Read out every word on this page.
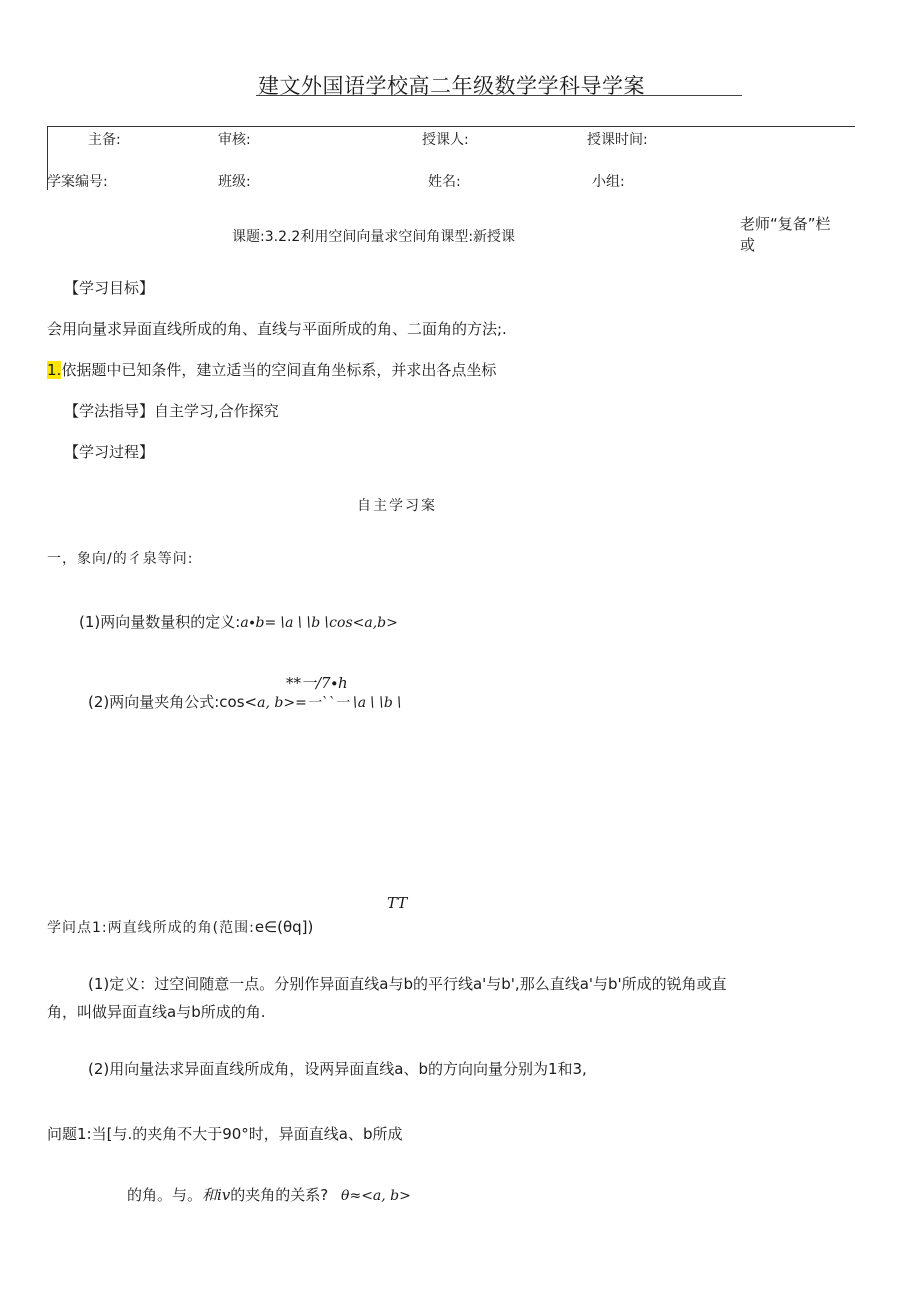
建文外国语学校高二年级数学学科导学案
主备:	审核:	授课人:	授课时间:
学案编号:	班级:	姓名:	小组:
课题:3.2.2利用空间向量求空间角课型:新授课
老师“复备”栏
或
【学习目标】
会用向量求异面直线所成的角、直线与平面所成的角、二面角的方法;.
1.依据题中已知条件，建立适当的空间直角坐标系，并求出各点坐标
【学法指导】自主学习,合作探究
【学习过程】
自主学习案
一，象向/的彳泉等问:
(1)两向量数量积的定义:a∙b=∖a∖∖b∖cos<a,b>
**一/7∙h
(2)两向量夹角公式:cos<a, b>=一``一∖a∖∖b∖
TT
学问点1:两直线所成的角(范围:e∈(θq])
(1)定义：过空间随意一点。分别作异面直线a与b的平行线a'与b',那么直线a'与b'所成的锐角或直
角，叫做异面直线a与b所成的角.
(2)用向量法求异面直线所成角，设两异面直线a、b的方向向量分别为1和3,
问题1:当[与.的夹角不大于90°时，异面直线a、b所成
的角。与。和ⅳ的夹角的关系? θ≈<a, b>
